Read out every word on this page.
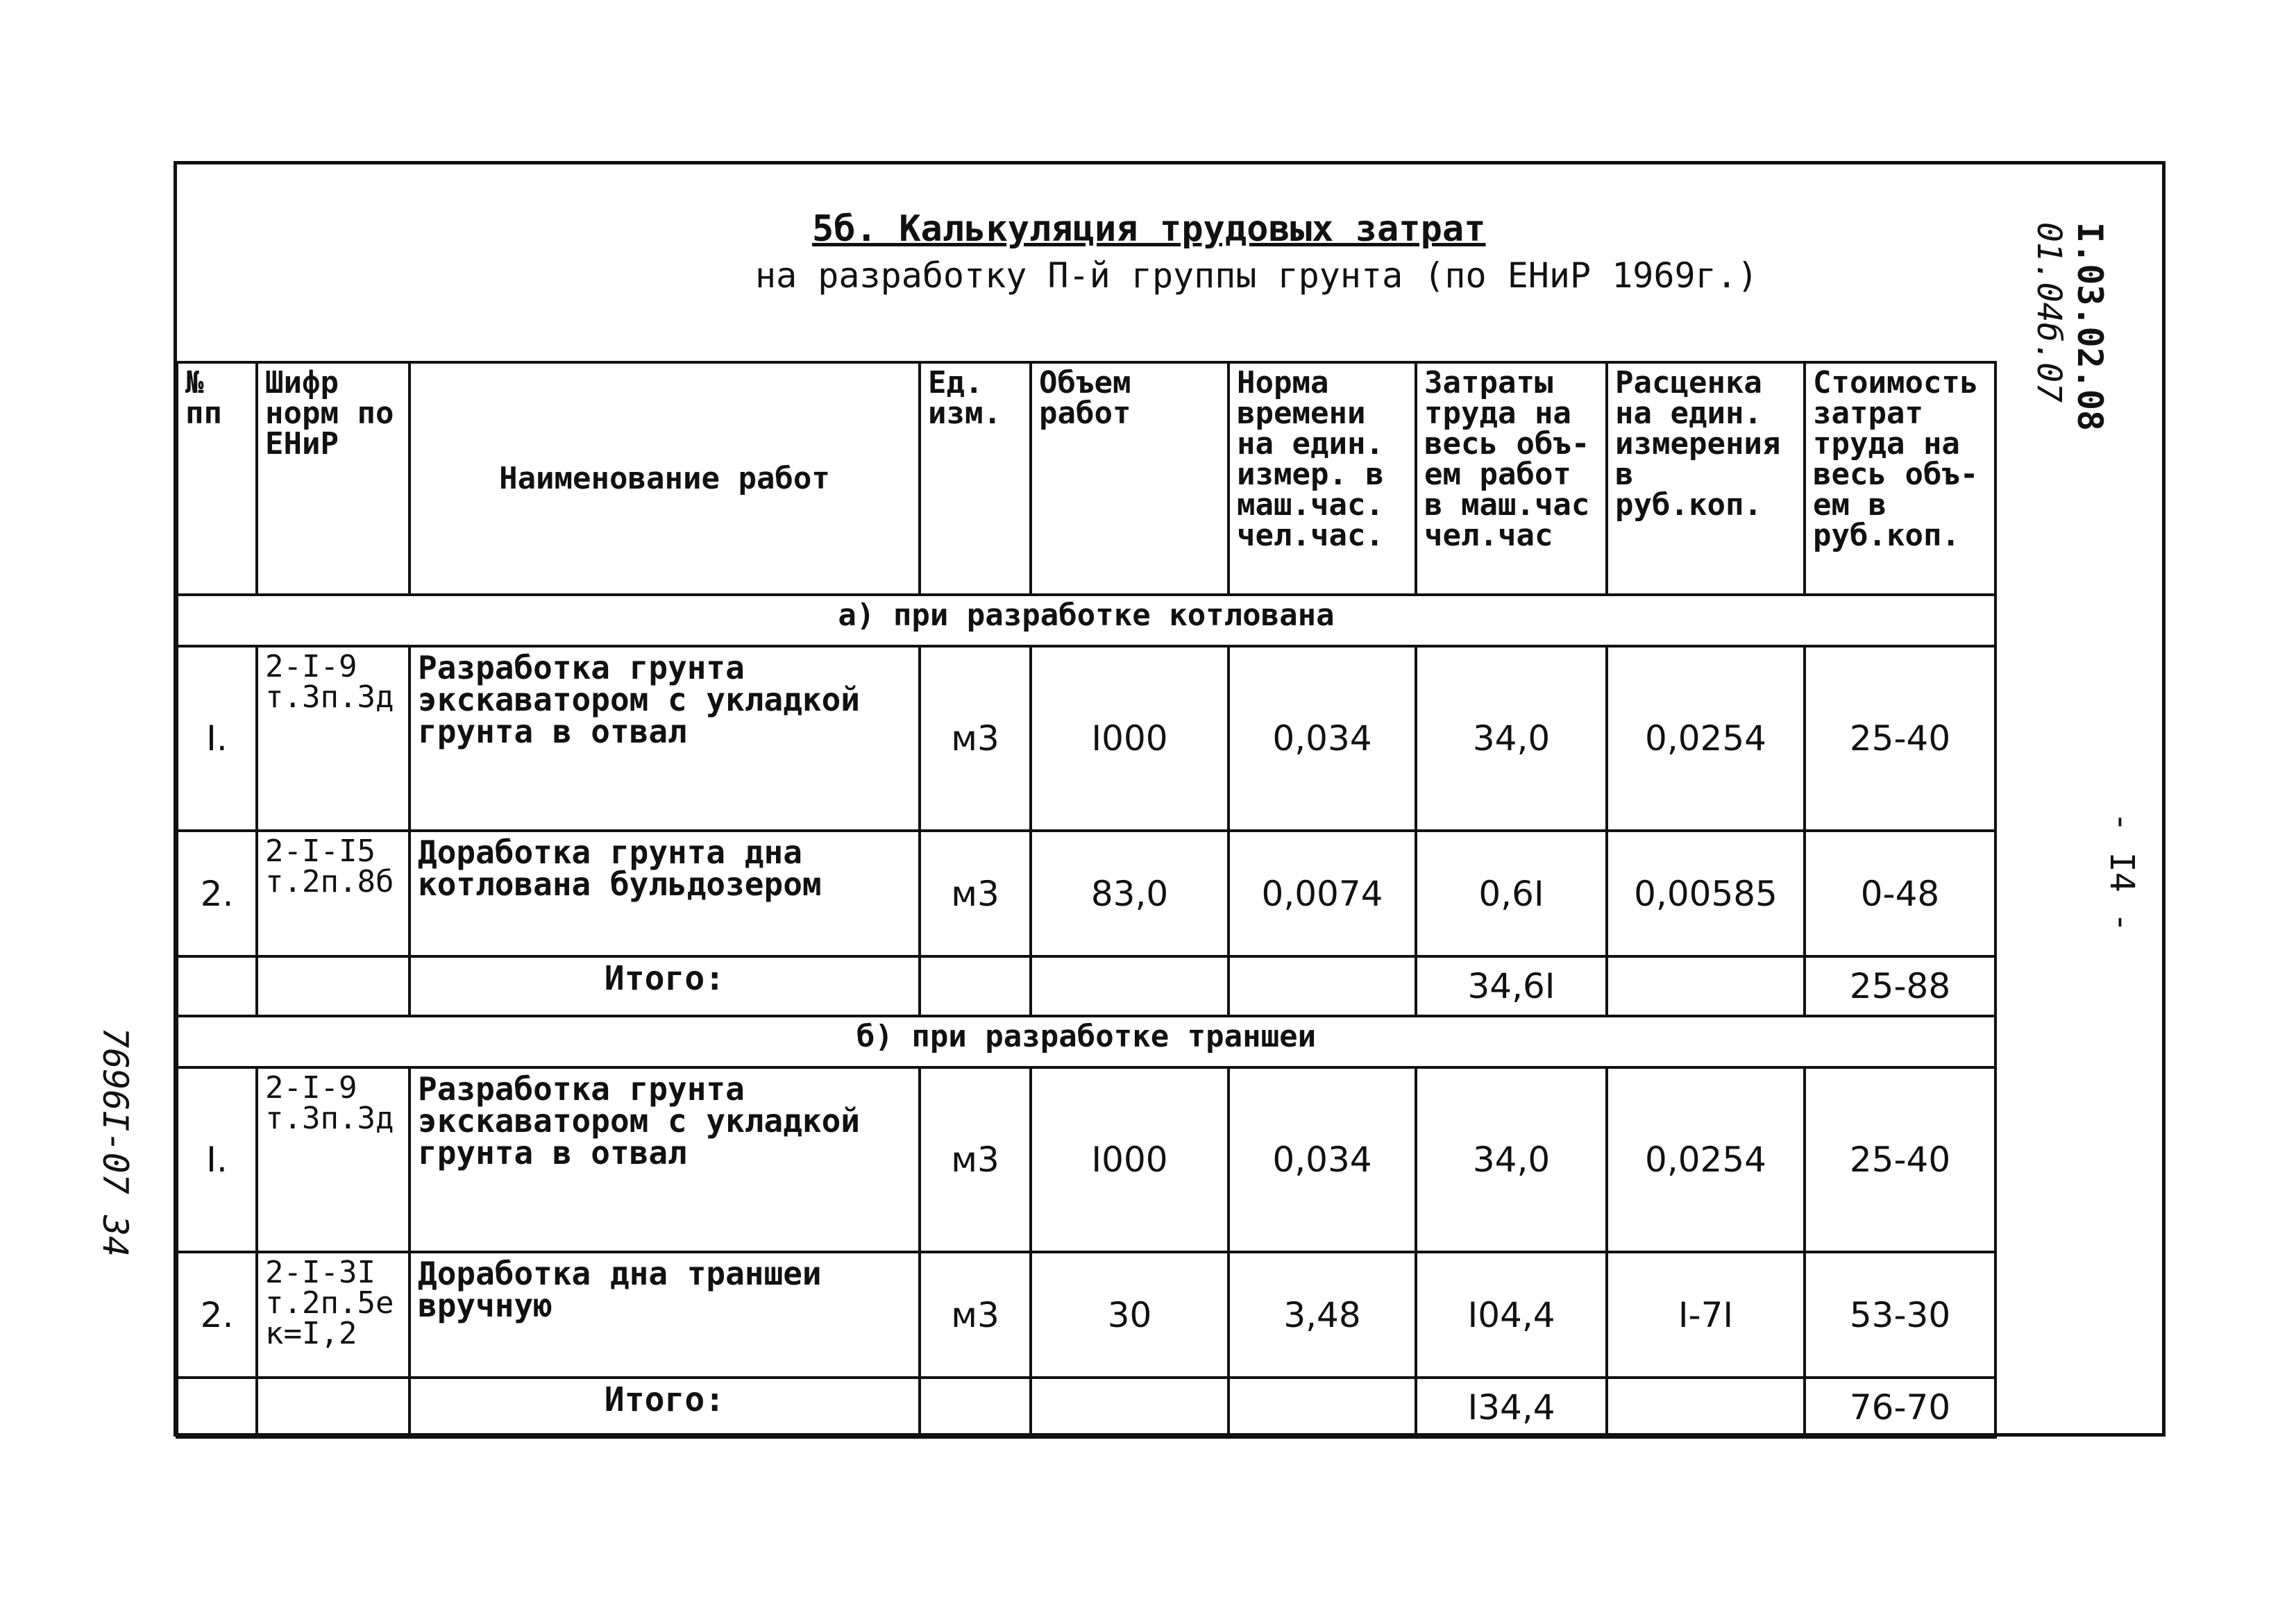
5б. Калькуляция трудовых затрат
на разработку П-й группы грунта (по ЕНиР 1969г.)	I.03.02.08
01.04б.07
- I4 -
7696I-07 34
№ пп	Шифр норм по ЕНиР	Наименование работ	Ед. изм.	Объем работ	Норма времени на един. измер. в маш.час. чел.час.	Затраты труда на весь объ-ем работ в маш.час чел.час	Расценка на един. измерения в руб.коп.	Стоимость затрат труда на весь объ-ем в руб.коп.
а) при разработке котлована								
I.	2-I-9 т.3п.3д	Разработка грунта экскаватором с укладкой грунта в отвал	м3	I000	0,034	34,0	0,0254	25-40
2.	2-I-I5 т.2п.8б	Доработка грунта дна котлована бульдозером	м3	83,0	0,0074	0,6I	0,00585	0-48
		Итого:				34,6I		25-88
б) при разработке траншеи								
I.	2-I-9 т.3п.3д	Разработка грунта экскаватором с укладкой грунта в отвал	м3	I000	0,034	34,0	0,0254	25-40
2.	2-I-3I т.2п.5е к=I,2	Доработка дна траншеи вручную	м3	30	3,48	I04,4	I-7I	53-30
		Итого:				I34,4		76-70
